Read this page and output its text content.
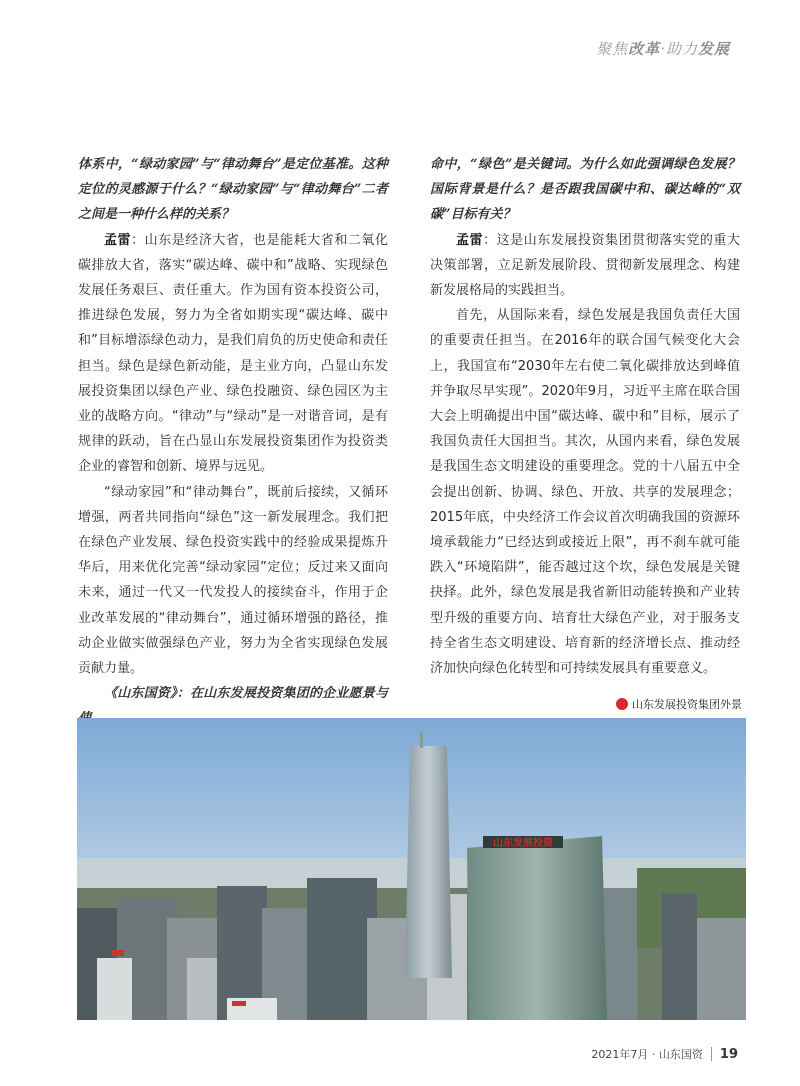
聚焦改革·助力发展

体系中，“绿动家园”与“律动舞台”是定位基准。这种定位的灵感源于什么？“绿动家园”与“律动舞台”二者之间是一种什么样的关系？

孟雷：山东是经济大省，也是能耗大省和二氧化碳排放大省，落实“碳达峰、碳中和”战略、实现绿色发展任务艰巨、责任重大。作为国有资本投资公司，推进绿色发展，努力为全省如期实现“碳达峰、碳中和”目标增添绿色动力，是我们肩负的历史使命和责任担当。绿色是绿色新动能，是主业方向，凸显山东发展投资集团以绿色产业、绿色投融资、绿色园区为主业的战略方向。“律动”与“绿动”是一对谐音词，是有规律的跃动，旨在凸显山东发展投资集团作为投资类企业的睿智和创新、境界与远见。

“绿动家园”和“律动舞台”，既前后接续，又循环增强，两者共同指向“绿色”这一新发展理念。我们把在绿色产业发展、绿色投资实践中的经验成果提炼升华后，用来优化完善“绿动家园”定位；反过来又面向未来，通过一代又一代发投人的接续奋斗，作用于企业改革发展的“律动舞台”，通过循环增强的路径，推动企业做实做强绿色产业，努力为全省实现绿色发展贡献力量。

《山东国资》：在山东发展投资集团的企业愿景与

命中，“绿色”是关键词。为什么如此强调绿色发展？国际背景是什么？是否跟我国碳中和、碳达峰的“双碳”目标有关？

孟雷：这是山东发展投资集团贯彻落实党的重大决策部署，立足新发展阶段、贯彻新发展理念、构建新发展格局的实践担当。

首先，从国际来看，绿色发展是我国负责任大国的重要责任担当。在2016年的联合国气候变化大会上，我国宣布“2030年左右使二氧化碳排放达到峰值并争取尽早实现”。2020年9月，习近平主席在联合国大会上明确提出中国“碳达峰、碳中和”目标，展示了我国负责任大国担当。其次，从国内来看，绿色发展是我国生态文明建设的重要理念。党的十八届五中全会提出创新、协调、绿色、开放、共享的发展理念；2015年底，中央经济工作会议首次明确我国的资源环境承载能力“已经达到或接近上限”，再不刹车就可能跌入“环境陷阱”，能否越过这个坎，绿色发展是关键抉择。此外，绿色发展是我省新旧动能转换和产业转型升级的重要方向、培育壮大绿色产业，对于服务支持全省生态文明建设、培育新的经济增长点、推动经济加快向绿色化转型和可持续发展具有重要意义。

山东发展投资集团外景
山东发展投资
2021年7月 · 山东国资 19
